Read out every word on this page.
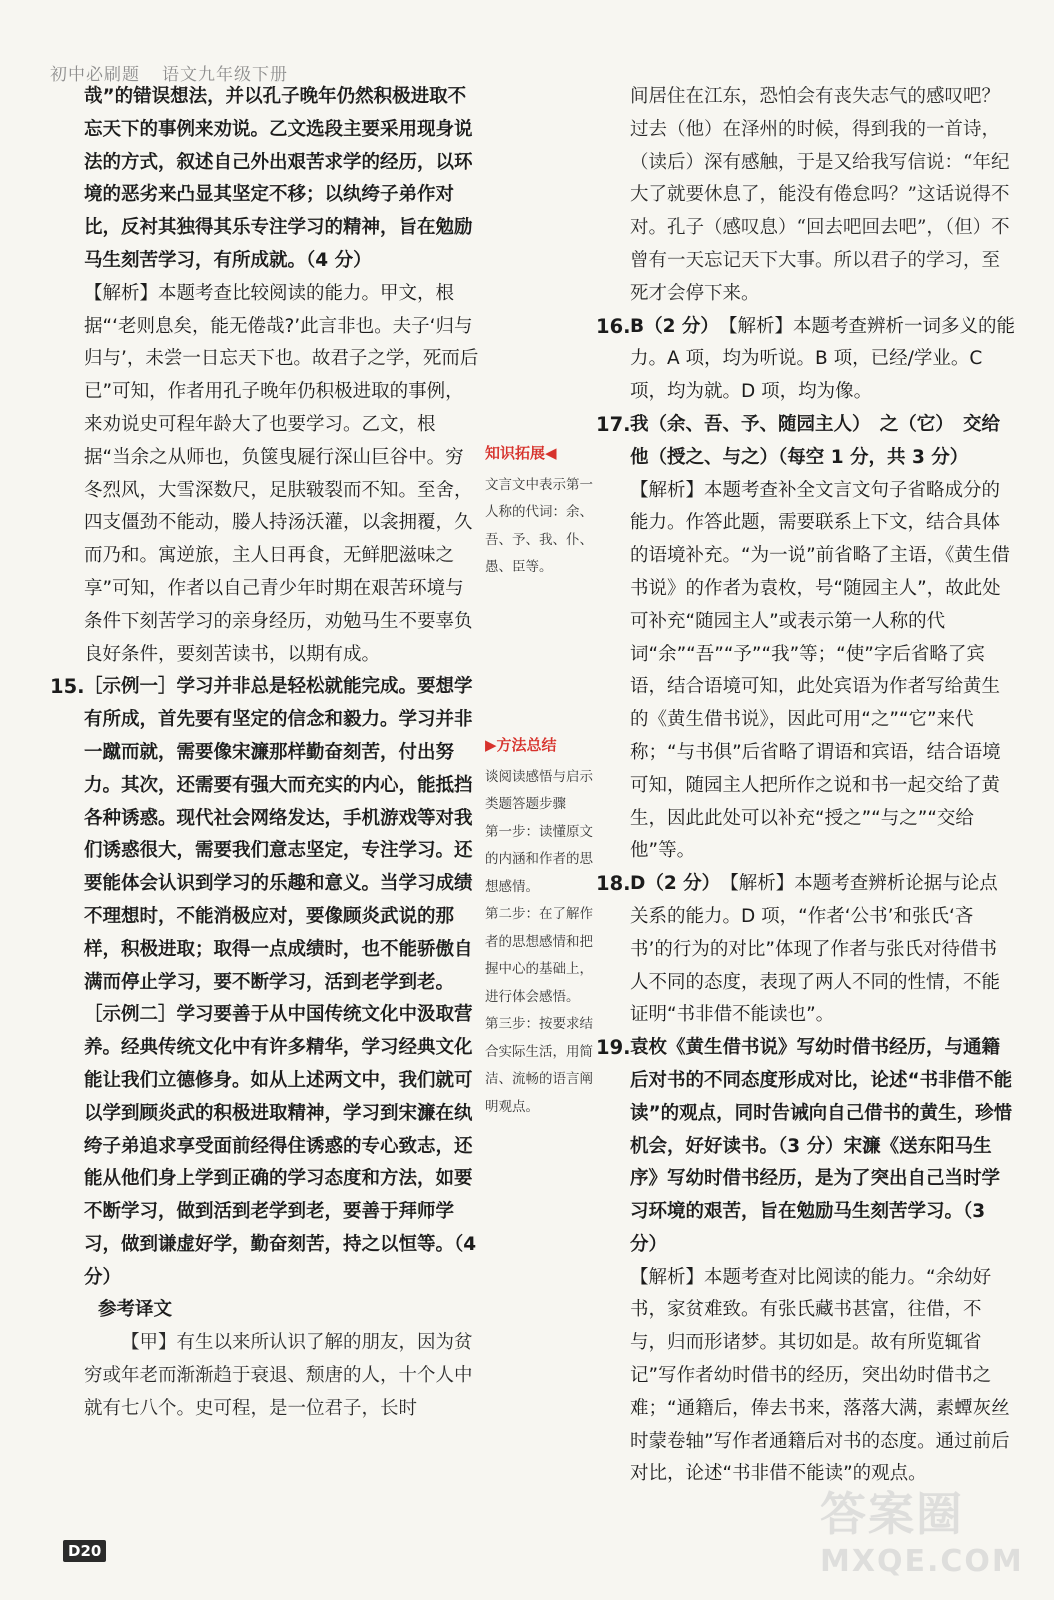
初中必刷题 语文九年级下册

哉”的错误想法，并以孔子晚年仍然积极进取不忘天下的事例来劝说。乙文选段主要采用现身说法的方式，叙述自己外出艰苦求学的经历，以环境的恶劣来凸显其坚定不移；以纨绔子弟作对比，反衬其独得其乐专注学习的精神，旨在勉励马生刻苦学习，有所成就。（4 分）

【解析】本题考查比较阅读的能力。甲文，根据“‘老则息矣，能无倦哉?’此言非也。夫子‘归与归与’，未尝一日忘天下也。故君子之学，死而后已”可知，作者用孔子晚年仍积极进取的事例，来劝说史可程年龄大了也要学习。乙文，根据“当余之从师也，负箧曳屣行深山巨谷中。穷冬烈风，大雪深数尺，足肤皲裂而不知。至舍，四支僵劲不能动，媵人持汤沃灌，以衾拥覆，久而乃和。寓逆旅，主人日再食，无鲜肥滋味之享”可知，作者以自己青少年时期在艰苦环境与条件下刻苦学习的亲身经历，劝勉马生不要辜负良好条件，要刻苦读书，以期有成。

15. ［示例一］学习并非总是轻松就能完成。要想学有所成，首先要有坚定的信念和毅力。学习并非一蹴而就，需要像宋濂那样勤奋刻苦，付出努力。其次，还需要有强大而充实的内心，能抵挡各种诱惑。现代社会网络发达，手机游戏等对我们诱惑很大，需要我们意志坚定，专注学习。还要能体会认识到学习的乐趣和意义。当学习成绩不理想时，不能消极应对，要像顾炎武说的那样，积极进取；取得一点成绩时，也不能骄傲自满而停止学习，要不断学习，活到老学到老。

［示例二］学习要善于从中国传统文化中汲取营养。经典传统文化中有许多精华，学习经典文化能让我们立德修身。如从上述两文中，我们就可以学到顾炎武的积极进取精神，学习到宋濂在纨绔子弟追求享受面前经得住诱惑的专心致志，还能从他们身上学到正确的学习态度和方法，如要不断学习，做到活到老学到老，要善于拜师学习，做到谦虚好学，勤奋刻苦，持之以恒等。（4 分）

参考译文

【甲】有生以来所认识了解的朋友，因为贫穷或年老而渐渐趋于衰退、颓唐的人，十个人中就有七八个。史可程，是一位君子，长时

知识拓展◀
文言文中表示第一人称的代词：余、吾、予、我、仆、愚、臣等。
▶方法总结
谈阅读感悟与启示类题答题步骤
第一步：读懂原文的内涵和作者的思想感情。
第二步：在了解作者的思想感情和把握中心的基础上，进行体会感悟。
第三步：按要求结合实际生活，用简洁、流畅的语言阐明观点。

间居住在江东，恐怕会有丧失志气的感叹吧？过去（他）在泽州的时候，得到我的一首诗，（读后）深有感触，于是又给我写信说：“年纪大了就要休息了，能没有倦怠吗？”这话说得不对。孔子（感叹息）“回去吧回去吧”，（但）不曾有一天忘记天下大事。所以君子的学习，至死才会停下来。

16. B（2 分）　 【解析】本题考查辨析一词多义的能力。A 项，均为听说。B 项，已经/学业。C 项，均为就。D 项，均为像。

17. 我（余、吾、予、随园主人）　之（它）　交给他（授之、与之）（每空 1 分，共 3 分）

【解析】本题考查补全文言文句子省略成分的能力。作答此题，需要联系上下文，结合具体的语境补充。“为一说”前省略了主语，《黄生借书说》的作者为袁枚，号“随园主人”，故此处可补充“随园主人”或表示第一人称的代词“余”“吾”“予”“我”等；“使”字后省略了宾语，结合语境可知，此处宾语为作者写给黄生的《黄生借书说》，因此可用“之”“它”来代称；“与书俱”后省略了谓语和宾语，结合语境可知，随园主人把所作之说和书一起交给了黄生，因此此处可以补充“授之”“与之”“交给他”等。

18. D（2 分）　 【解析】本题考查辨析论据与论点关系的能力。D 项，“作者‘公书’和张氏‘吝书’的行为的对比”体现了作者与张氏对待借书人不同的态度，表现了两人不同的性情，不能证明“书非借不能读也”。

19. 袁枚《黄生借书说》写幼时借书经历，与通籍后对书的不同态度形成对比，论述“书非借不能读”的观点，同时告诫向自己借书的黄生，珍惜机会，好好读书。（3 分）宋濂《送东阳马生序》写幼时借书经历，是为了突出自己当时学习环境的艰苦，旨在勉励马生刻苦学习。（3 分）

【解析】本题考查对比阅读的能力。“余幼好书，家贫难致。有张氏藏书甚富，往借，不与，归而形诸梦。其切如是。故有所览辄省记”写作者幼时借书的经历，突出幼时借书之难；“通籍后，俸去书来，落落大满，素蟫灰丝时蒙卷轴”写作者通籍后对书的态度。通过前后对比，论述“书非借不能读”的观点。

D20
答案圈
MXQE.COM
